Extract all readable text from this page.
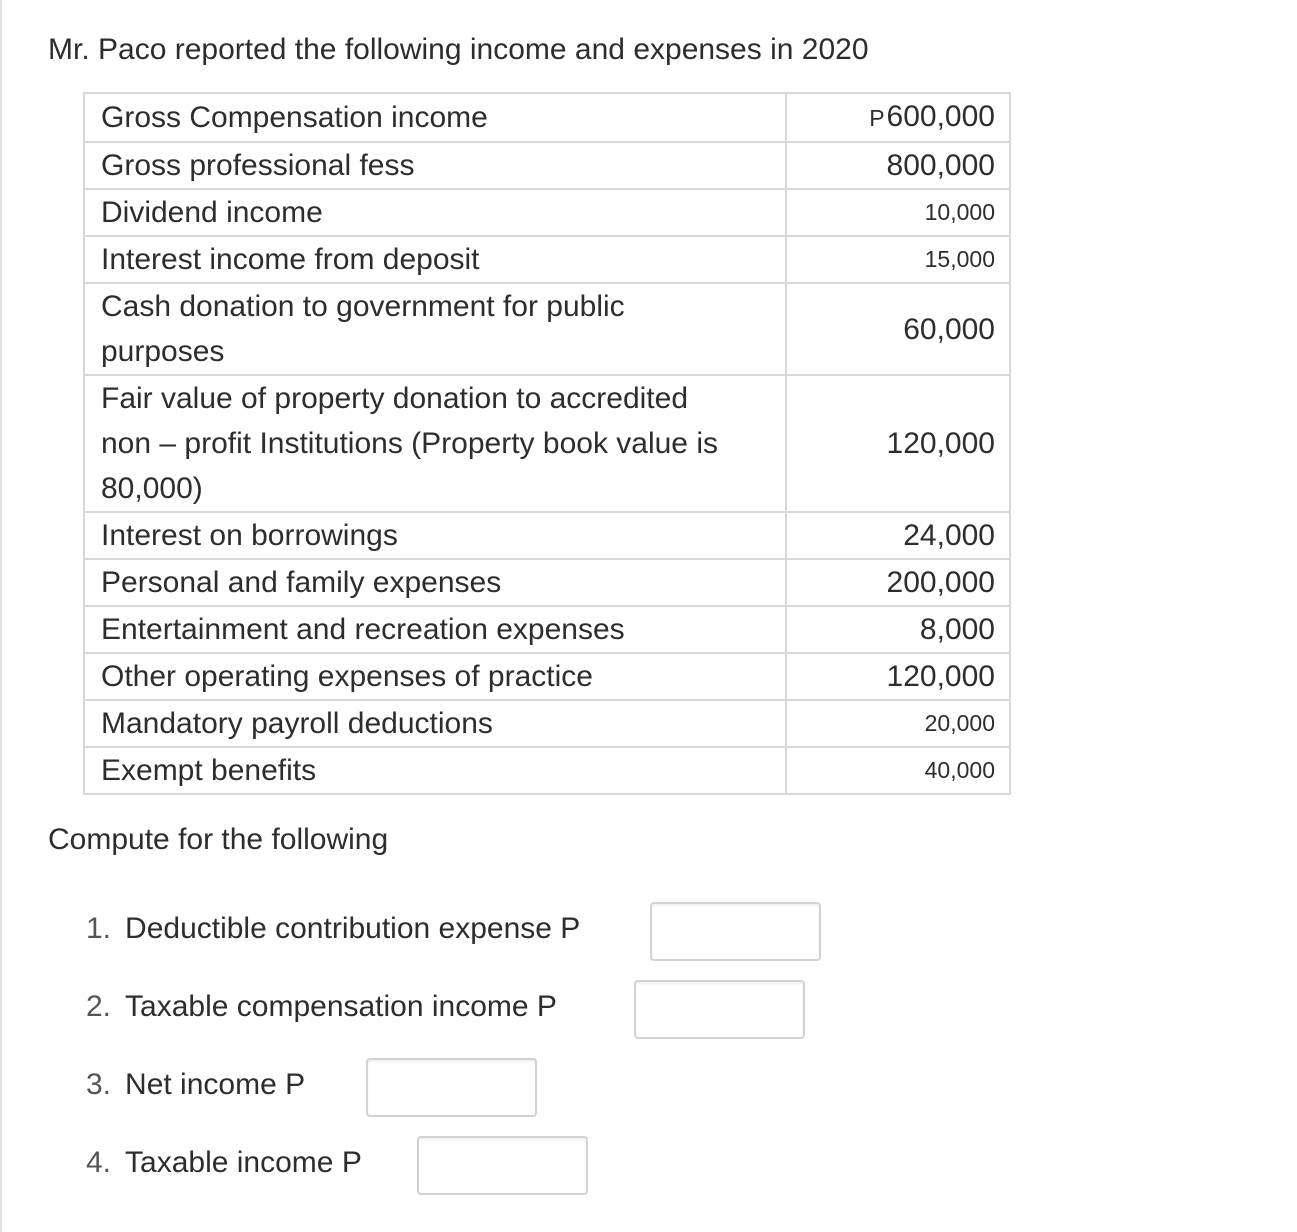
Mr. Paco reported the following income and expenses in 2020
Gross Compensation income	P600,000
Gross professional fess	800,000
Dividend income	10,000
Interest income from deposit	15,000
Cash donation to government for public
purposes	60,000
Fair value of property donation to accredited
non – profit Institutions (Property book value is
80,000)	120,000
Interest on borrowings	24,000
Personal and family expenses	200,000
Entertainment and recreation expenses	8,000
Other operating expenses of practice	120,000
Mandatory payroll deductions	20,000
Exempt benefits	40,000
Compute for the following
1. Deductible contribution expense P
2. Taxable compensation income P
3. Net income P
4. Taxable income P
